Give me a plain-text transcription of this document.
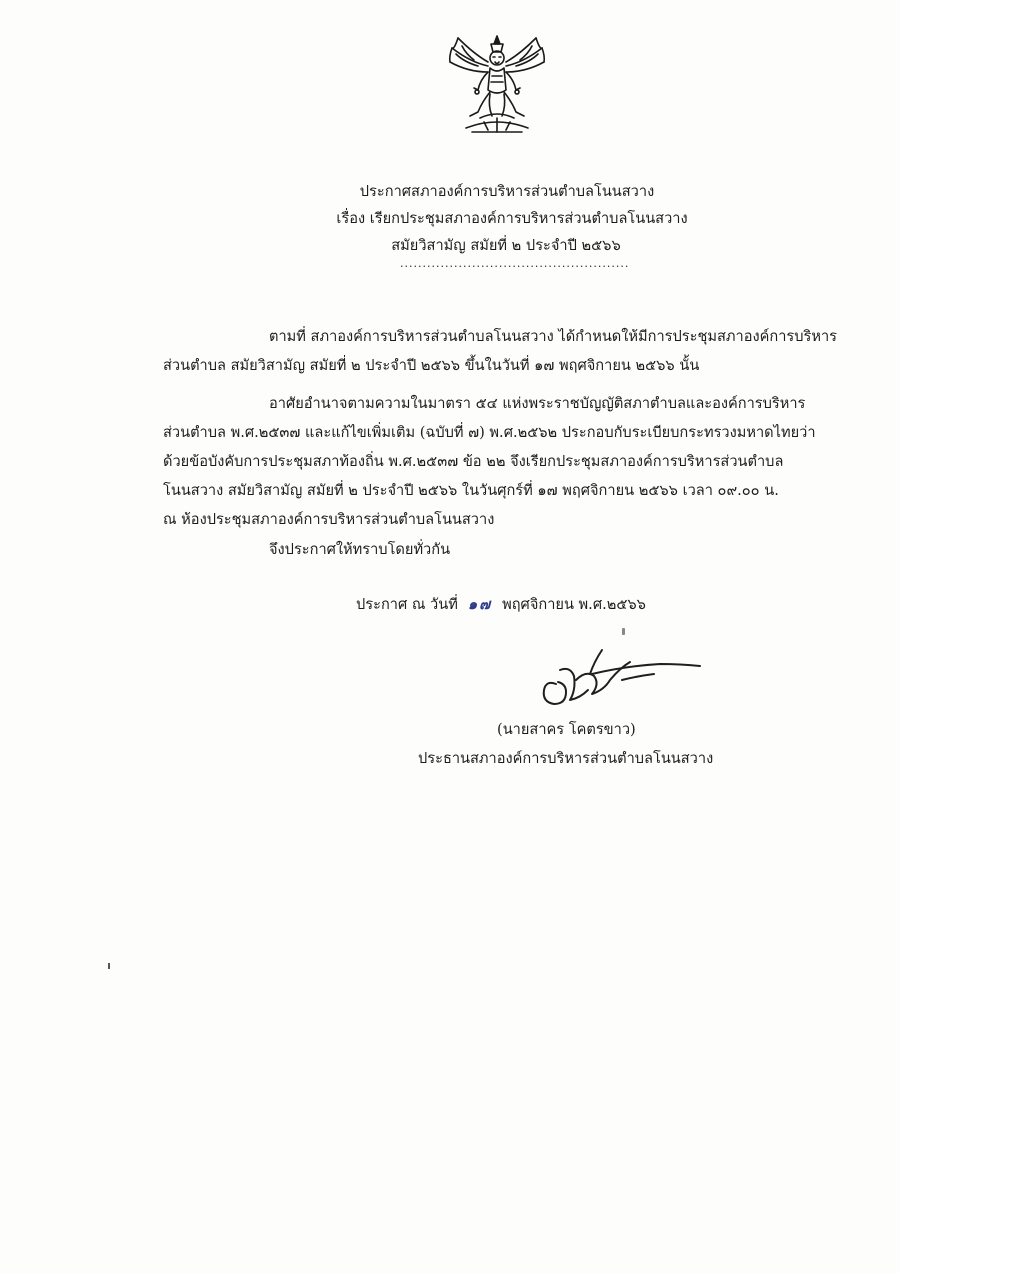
ประกาศสภาองค์การบริหารส่วนตำบลโนนสวาง
เรื่อง เรียกประชุมสภาองค์การบริหารส่วนตำบลโนนสวาง
สมัยวิสามัญ สมัยที่ ๒ ประจำปี ๒๕๖๖
...................................................
ตามที่ สภาองค์การบริหารส่วนตำบลโนนสวาง ได้กำหนดให้มีการประชุมสภาองค์การบริหาร
ส่วนตำบล สมัยวิสามัญ สมัยที่ ๒ ประจำปี ๒๕๖๖ ขึ้นในวันที่ ๑๗ พฤศจิกายน ๒๕๖๖ นั้น
อาศัยอำนาจตามความในมาตรา ๕๔ แห่งพระราชบัญญัติสภาตำบลและองค์การบริหาร
ส่วนตำบล พ.ศ.๒๕๓๗ และแก้ไขเพิ่มเติม (ฉบับที่ ๗) พ.ศ.๒๕๖๒ ประกอบกับระเบียบกระทรวงมหาดไทยว่า
ด้วยข้อบังคับการประชุมสภาท้องถิ่น พ.ศ.๒๕๓๗ ข้อ ๒๒ จึงเรียกประชุมสภาองค์การบริหารส่วนตำบล
โนนสวาง สมัยวิสามัญ สมัยที่ ๒ ประจำปี ๒๕๖๖ ในวันศุกร์ที่ ๑๗ พฤศจิกายน ๒๕๖๖ เวลา ๐๙.๐๐ น.
ณ ห้องประชุมสภาองค์การบริหารส่วนตำบลโนนสวาง
จึงประกาศให้ทราบโดยทั่วกัน
ประกาศ ณ วันที่ ๑๗ พฤศจิกายน พ.ศ.๒๕๖๖
(นายสาคร โคตรขาว)
ประธานสภาองค์การบริหารส่วนตำบลโนนสวาง
